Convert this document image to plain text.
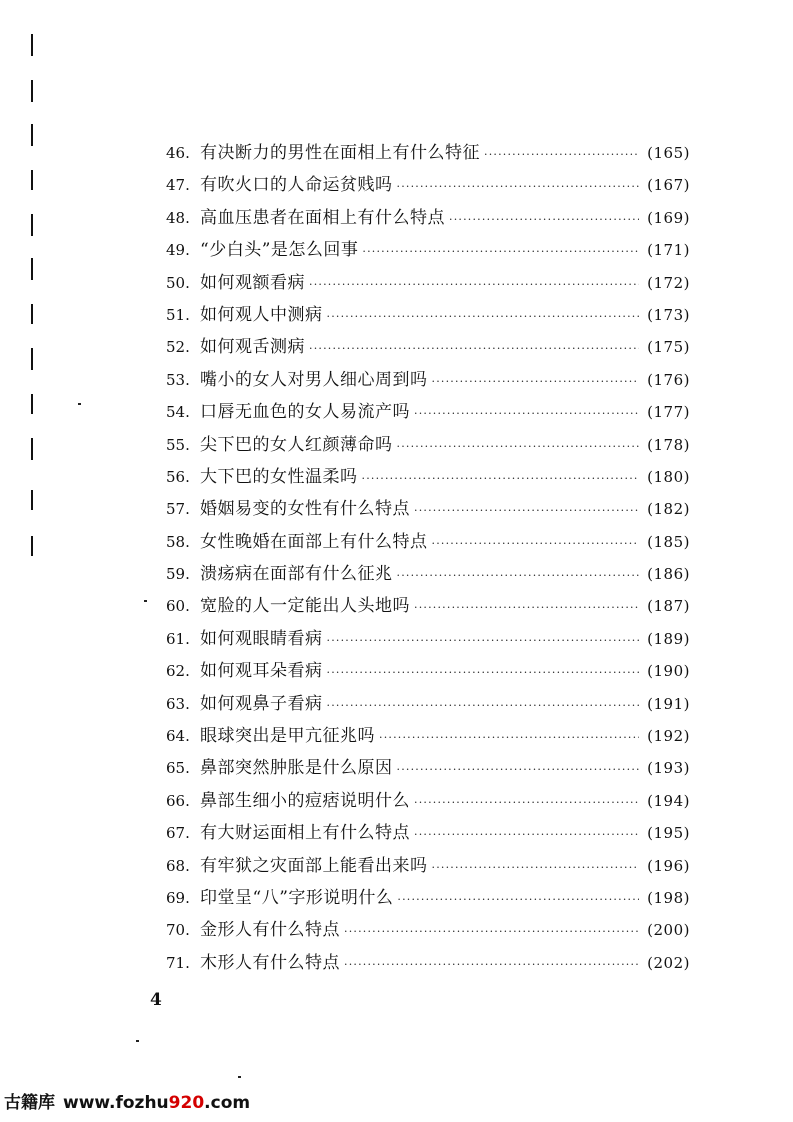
46. 有决断力的男性在面相上有什么特征 ·····	(165)
47. 有吹火口的人命运贫贱吗 ·····	(167)
48. 高血压患者在面相上有什么特点 ·····	(169)
49. “少白头”是怎么回事 ·····	(171)
50. 如何观额看病 ·····	(172)
51. 如何观人中测病 ·····	(173)
52. 如何观舌测病 ·····	(175)
53. 嘴小的女人对男人细心周到吗 ·····	(176)
54. 口唇无血色的女人易流产吗 ·····	(177)
55. 尖下巴的女人红颜薄命吗 ·····	(178)
56. 大下巴的女性温柔吗 ·····	(180)
57. 婚姻易变的女性有什么特点 ·····	(182)
58. 女性晚婚在面部上有什么特点 ·····	(185)
59. 溃疡病在面部有什么征兆 ·····	(186)
60. 宽脸的人一定能出人头地吗 ·····	(187)
61. 如何观眼睛看病 ·····	(189)
62. 如何观耳朵看病 ·····	(190)
63. 如何观鼻子看病 ·····	(191)
64. 眼球突出是甲亢征兆吗 ·····	(192)
65. 鼻部突然肿胀是什么原因 ·····	(193)
66. 鼻部生细小的痘痞说明什么 ·····	(194)
67. 有大财运面相上有什么特点 ·····	(195)
68. 有牢狱之灾面部上能看出来吗 ·····	(196)
69. 印堂呈“八”字形说明什么 ·····	(198)
70. 金形人有什么特点 ·····	(200)
71. 木形人有什么特点 ·····	(202)
4
古籍库 www.fozhu920.com
